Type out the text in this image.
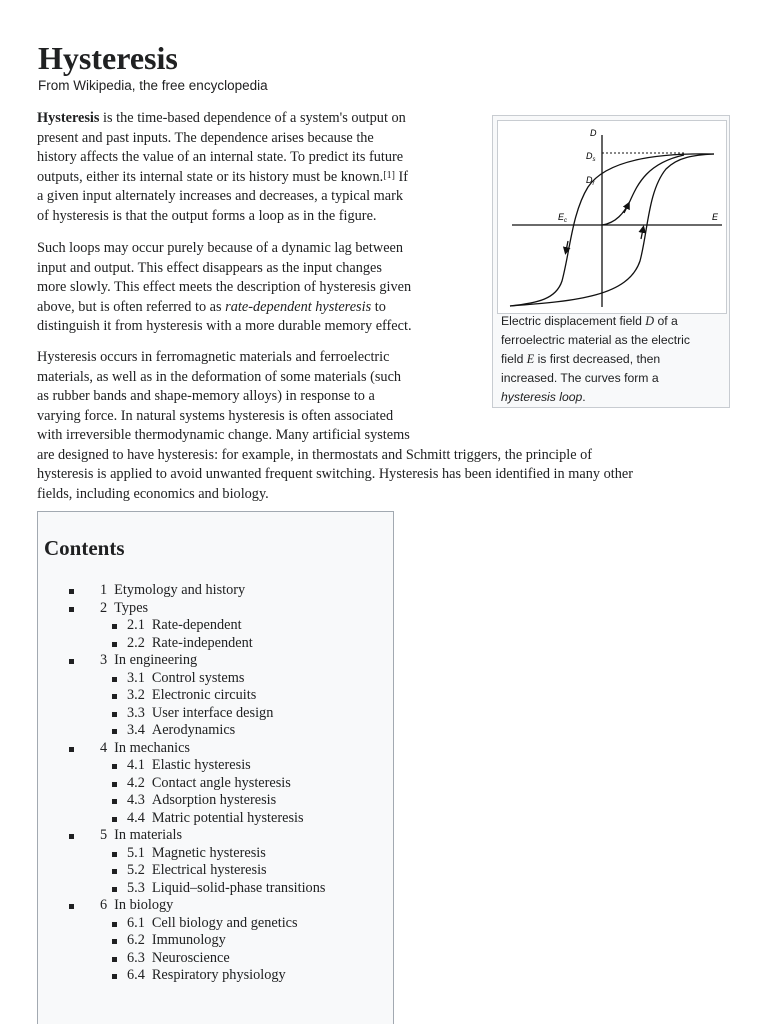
Hysteresis
From Wikipedia, the free encyclopedia
Hysteresis is the time-based dependence of a system's output on
present and past inputs. The dependence arises because the
history affects the value of an internal state. To predict its future
outputs, either its internal state or its history must be known.[1] If
a given input alternately increases and decreases, a typical mark
of hysteresis is that the output forms a loop as in the figure.
Such loops may occur purely because of a dynamic lag between
input and output. This effect disappears as the input changes
more slowly. This effect meets the description of hysteresis given
above, but is often referred to as rate-dependent hysteresis to
distinguish it from hysteresis with a more durable memory effect.
Hysteresis occurs in ferromagnetic materials and ferroelectric
materials, as well as in the deformation of some materials (such
as rubber bands and shape-memory alloys) in response to a
varying force. In natural systems hysteresis is often associated
with irreversible thermodynamic change. Many artificial systems
are designed to have hysteresis: for example, in thermostats and Schmitt triggers, the principle of
hysteresis is applied to avoid unwanted frequent switching. Hysteresis has been identified in many other
fields, including economics and biology.
D
$D_s$
$D_r$
$E_c$	E
Electric displacement field D of a
ferroelectric material as the electric
field E is first decreased, then
increased. The curves form a
hysteresis loop.
Contents
1 Etymology and history
2 Types
2.1 Rate-dependent
2.2 Rate-independent
3 In engineering
3.1 Control systems
3.2 Electronic circuits
3.3 User interface design
3.4 Aerodynamics
4 In mechanics
4.1 Elastic hysteresis
4.2 Contact angle hysteresis
4.3 Adsorption hysteresis
4.4 Matric potential hysteresis
5 In materials
5.1 Magnetic hysteresis
5.2 Electrical hysteresis
5.3 Liquid–solid-phase transitions
6 In biology
6.1 Cell biology and genetics
6.2 Immunology
6.3 Neuroscience
6.4 Respiratory physiology
